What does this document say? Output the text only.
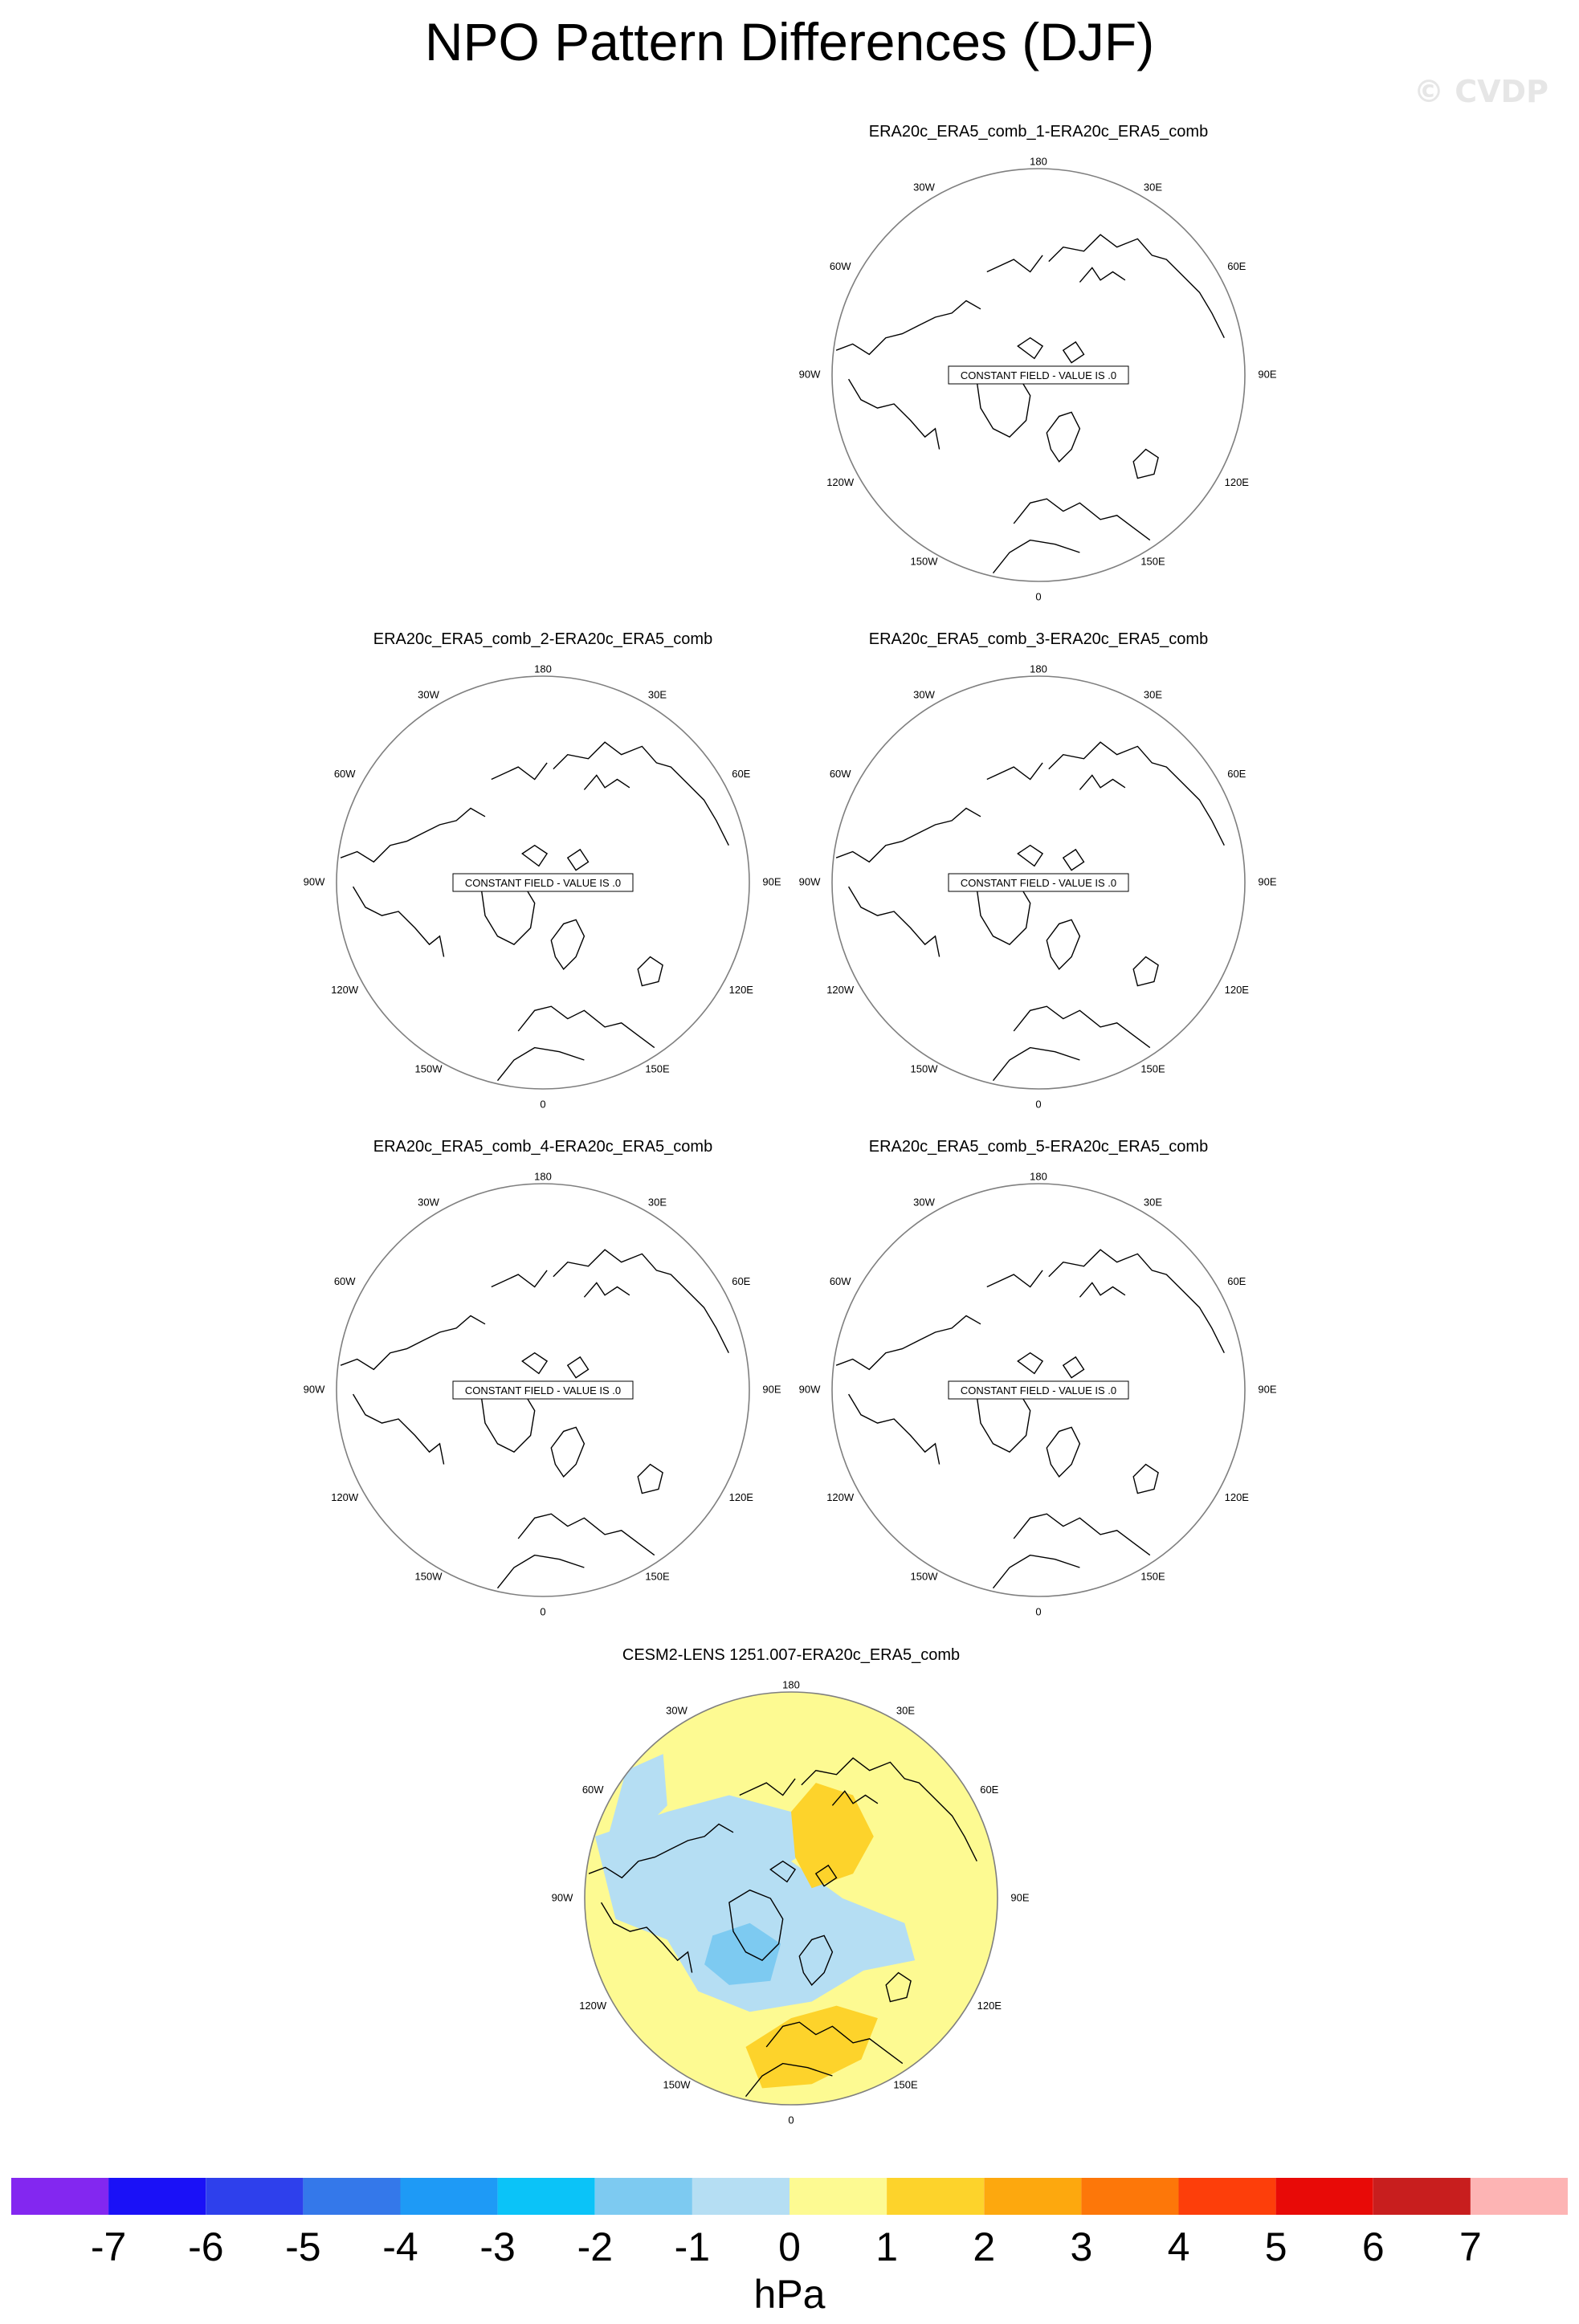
NPO Pattern Differences (DJF)
© CVDP
ERA20c_ERA5_comb_1-ERA20c_ERA5_comb
CONSTANT FIELD - VALUE IS .0
180
150E
120E
90E
60E
30E
0
30W
60W
90W
120W
150W
ERA20c_ERA5_comb_2-ERA20c_ERA5_comb
CONSTANT FIELD - VALUE IS .0
180
150E
120E
90E
60E
30E
0
30W
60W
90W
120W
150W
ERA20c_ERA5_comb_3-ERA20c_ERA5_comb
CONSTANT FIELD - VALUE IS .0
180
150E
120E
90E
60E
30E
0
30W
60W
90W
120W
150W
ERA20c_ERA5_comb_4-ERA20c_ERA5_comb
CONSTANT FIELD - VALUE IS .0
180
150E
120E
90E
60E
30E
0
30W
60W
90W
120W
150W
ERA20c_ERA5_comb_5-ERA20c_ERA5_comb
CONSTANT FIELD - VALUE IS .0
180
150E
120E
90E
60E
30E
0
30W
60W
90W
120W
150W
CESM2-LENS 1251.007-ERA20c_ERA5_comb
180
150E
120E
90E
60E
30E
0
30W
60W
90W
120W
150W
-7 -6 -5 -4 -3 -2 -1 0 1 2 3 4 5 6 7
hPa
